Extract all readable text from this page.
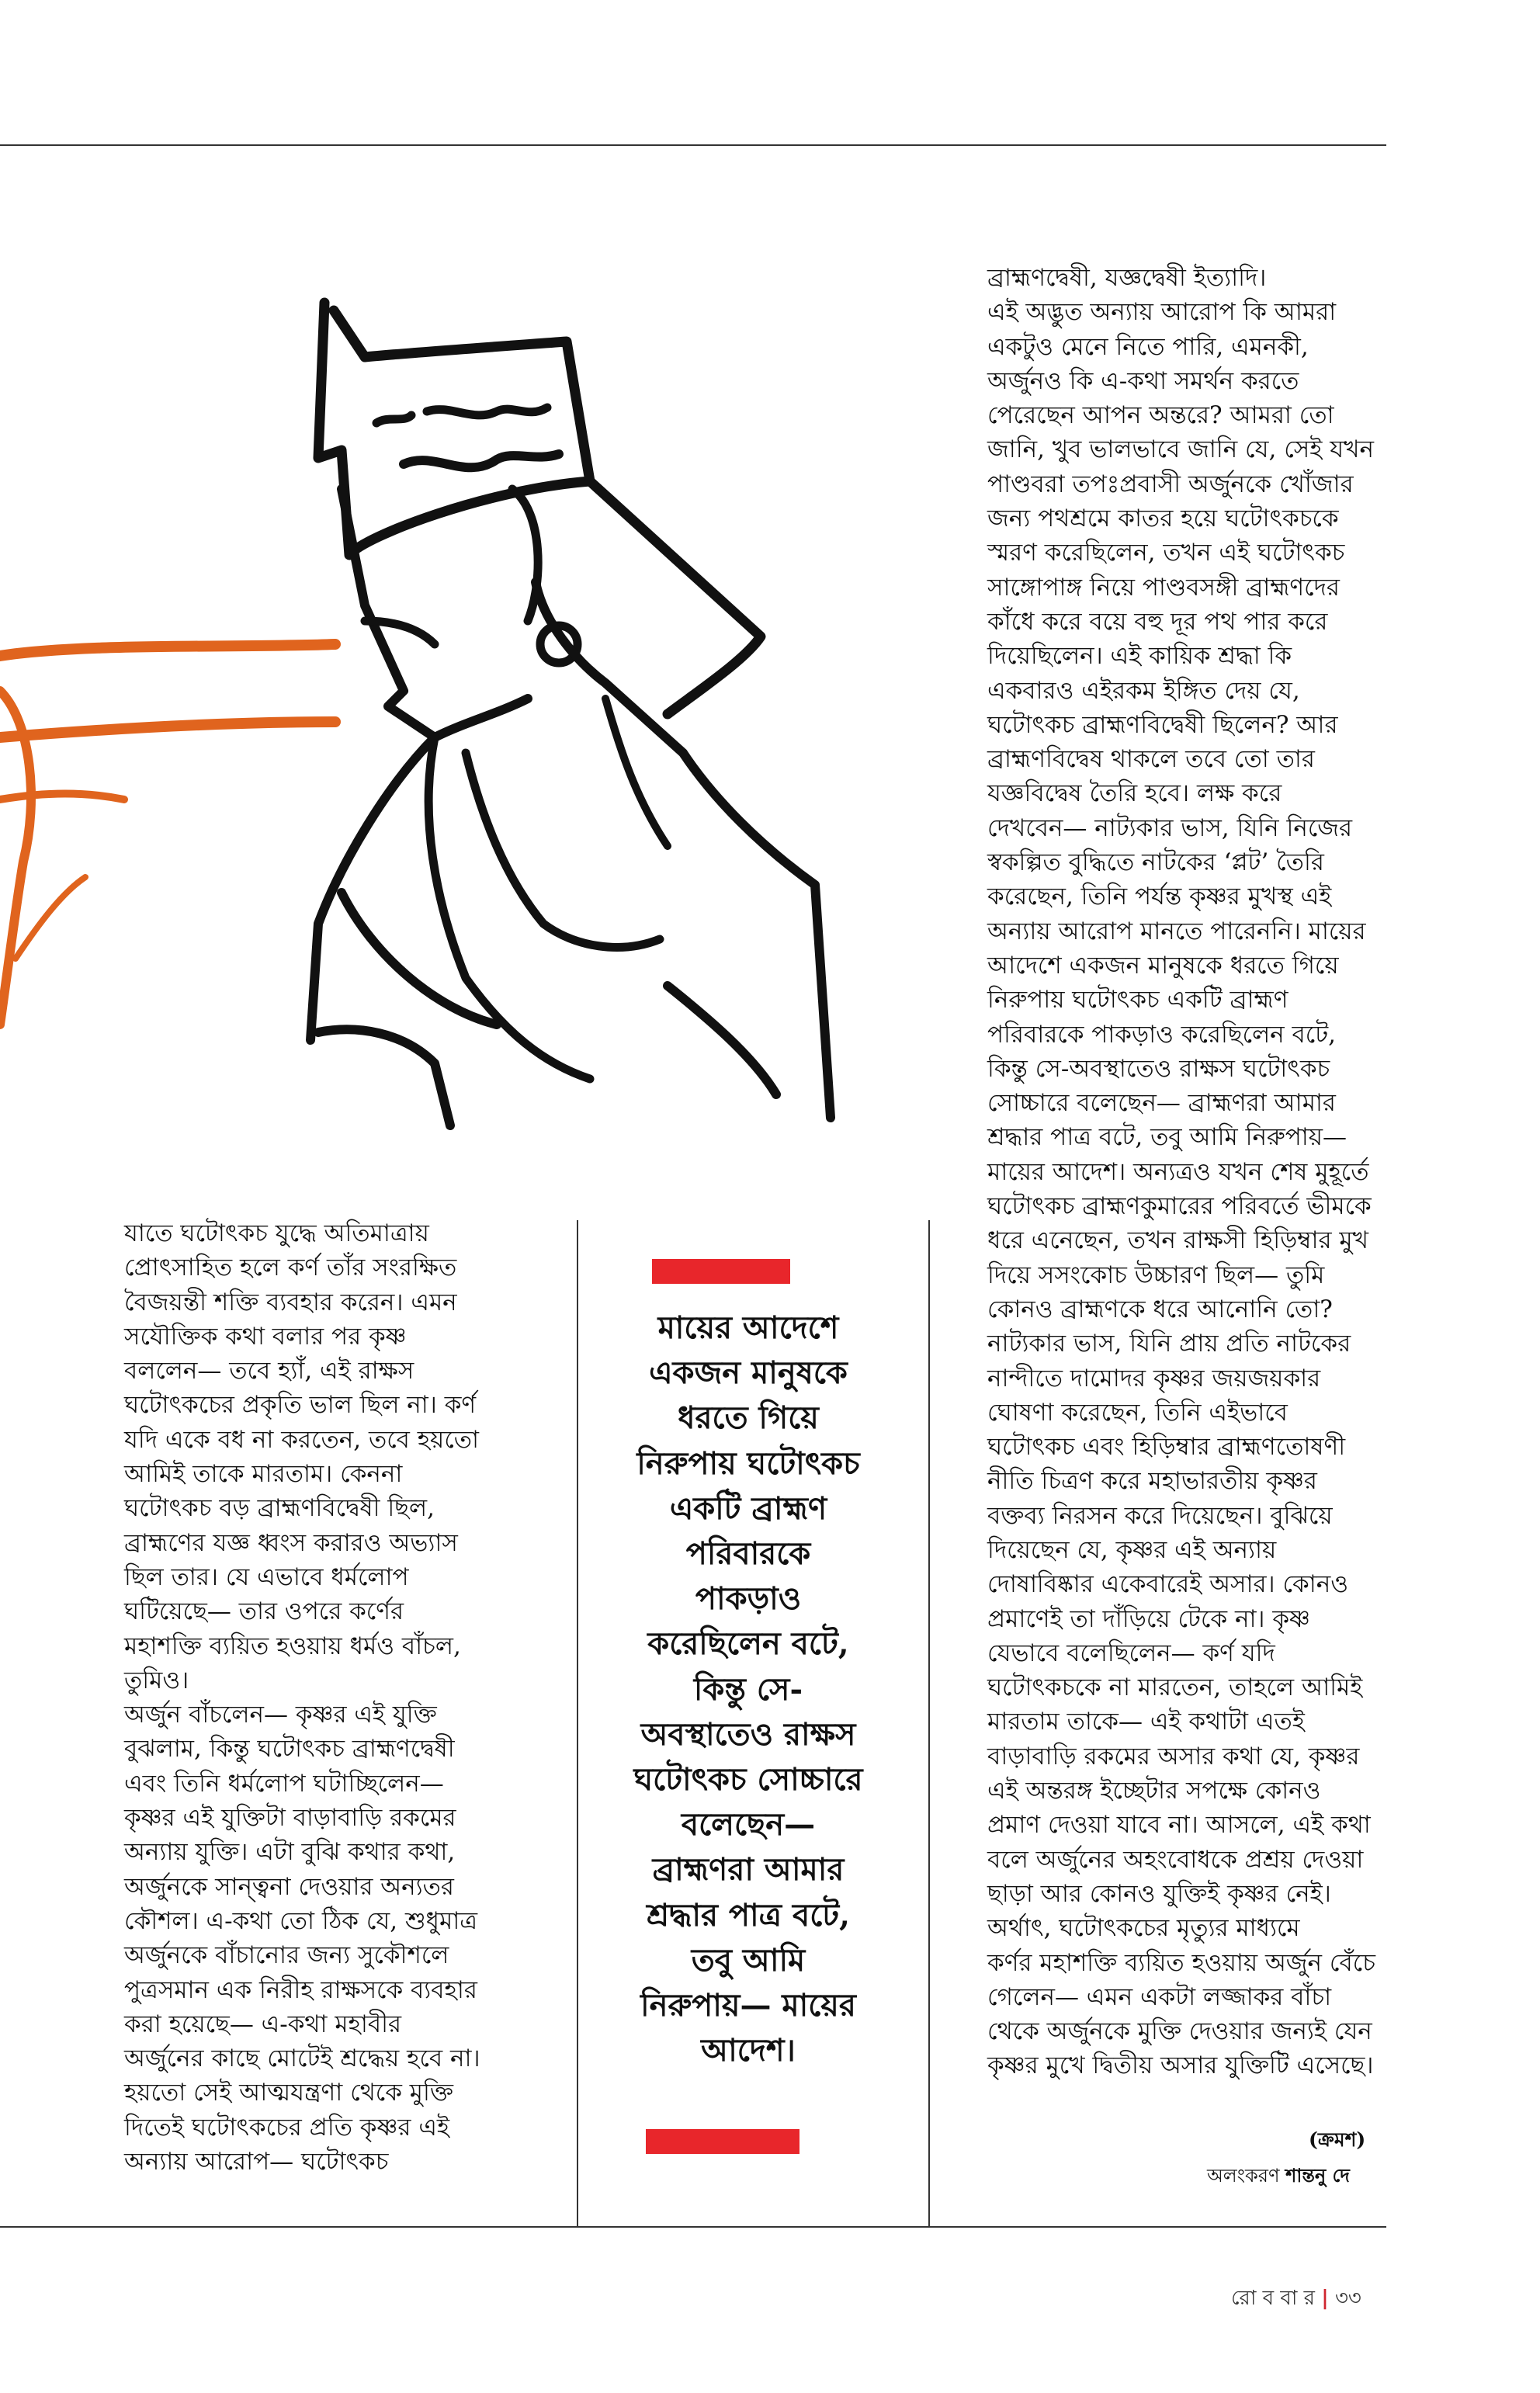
যাতে ঘটোৎকচ যুদ্ধে অতিমাত্রায়
প্রোৎসাহিত হলে কর্ণ তাঁর সংরক্ষিত
বৈজয়ন্তী শক্তি ব্যবহার করেন। এমন
সযৌক্তিক কথা বলার পর কৃষ্ণ
বললেন— তবে হ্যাঁ, এই রাক্ষস
ঘটোৎকচের প্রকৃতি ভাল ছিল না। কর্ণ
যদি একে বধ না করতেন, তবে হয়তো
আমিই তাকে মারতাম। কেননা
ঘটোৎকচ বড় ব্রাহ্মণবিদ্বেষী ছিল,
ব্রাহ্মণের যজ্ঞ ধ্বংস করারও অভ্যাস
ছিল তার। যে এভাবে ধর্মলোপ
ঘটিয়েছে— তার ওপরে কর্ণের
মহাশক্তি ব্যয়িত হওয়ায় ধর্মও বাঁচল,
তুমিও।
অর্জুন বাঁচলেন— কৃষ্ণর এই যুক্তি
বুঝলাম, কিন্তু ঘটোৎকচ ব্রাহ্মণদ্বেষী
এবং তিনি ধর্মলোপ ঘটাচ্ছিলেন—
কৃষ্ণর এই যুক্তিটা বাড়াবাড়ি রকমের
অন্যায় যুক্তি। এটা বুঝি কথার কথা,
অর্জুনকে সান্ত্বনা দেওয়ার অন্যতর
কৌশল। এ-কথা তো ঠিক যে, শুধুমাত্র
অর্জুনকে বাঁচানোর জন্য সুকৌশলে
পুত্রসমান এক নিরীহ রাক্ষসকে ব্যবহার
করা হয়েছে— এ-কথা মহাবীর
অর্জুনের কাছে মোটেই শ্রদ্ধেয় হবে না।
হয়তো সেই আত্মযন্ত্রণা থেকে মুক্তি
দিতেই ঘটোৎকচের প্রতি কৃষ্ণর এই
অন্যায় আরোপ— ঘটোৎকচ

মায়ের আদেশে
একজন মানুষকে
ধরতে গিয়ে
নিরুপায় ঘটোৎকচ
একটি ব্রাহ্মণ
পরিবারকে
পাকড়াও
করেছিলেন বটে,
কিন্তু সে-
অবস্থাতেও রাক্ষস
ঘটোৎকচ সোচ্চারে
বলেছেন—
ব্রাহ্মণরা আমার
শ্রদ্ধার পাত্র বটে,
তবু আমি
নিরুপায়— মায়ের
আদেশ।

ব্রাহ্মণদ্বেষী, যজ্ঞদ্বেষী ইত্যাদি।
এই অদ্ভুত অন্যায় আরোপ কি আমরা
একটুও মেনে নিতে পারি, এমনকী,
অর্জুনও কি এ-কথা সমর্থন করতে
পেরেছেন আপন অন্তরে? আমরা তো
জানি, খুব ভালভাবে জানি যে, সেই যখন
পাণ্ডবরা তপঃপ্রবাসী অর্জুনকে খোঁজার
জন্য পথশ্রমে কাতর হয়ে ঘটোৎকচকে
স্মরণ করেছিলেন, তখন এই ঘটোৎকচ
সাঙ্গোপাঙ্গ নিয়ে পাণ্ডবসঙ্গী ব্রাহ্মণদের
কাঁধে করে বয়ে বহু দূর পথ পার করে
দিয়েছিলেন। এই কায়িক শ্রদ্ধা কি
একবারও এইরকম ইঙ্গিত দেয় যে,
ঘটোৎকচ ব্রাহ্মণবিদ্বেষী ছিলেন? আর
ব্রাহ্মণবিদ্বেষ থাকলে তবে তো তার
যজ্ঞবিদ্বেষ তৈরি হবে। লক্ষ করে
দেখবেন— নাট্যকার ভাস, যিনি নিজের
স্বকল্পিত বুদ্ধিতে নাটকের ‘প্লট’ তৈরি
করেছেন, তিনি পর্যন্ত কৃষ্ণর মুখস্থ এই
অন্যায় আরোপ মানতে পারেননি। মায়ের
আদেশে একজন মানুষকে ধরতে গিয়ে
নিরুপায় ঘটোৎকচ একটি ব্রাহ্মণ
পরিবারকে পাকড়াও করেছিলেন বটে,
কিন্তু সে-অবস্থাতেও রাক্ষস ঘটোৎকচ
সোচ্চারে বলেছেন— ব্রাহ্মণরা আমার
শ্রদ্ধার পাত্র বটে, তবু আমি নিরুপায়—
মায়ের আদেশ। অন্যত্রও যখন শেষ মুহূর্তে
ঘটোৎকচ ব্রাহ্মণকুমারের পরিবর্তে ভীমকে
ধরে এনেছেন, তখন রাক্ষসী হিড়িম্বার মুখ
দিয়ে সসংকোচ উচ্চারণ ছিল— তুমি
কোনও ব্রাহ্মণকে ধরে আনোনি তো?
নাট্যকার ভাস, যিনি প্রায় প্রতি নাটকের
নান্দীতে দামোদর কৃষ্ণর জয়জয়কার
ঘোষণা করেছেন, তিনি এইভাবে
ঘটোৎকচ এবং হিড়িম্বার ব্রাহ্মণতোষণী
নীতি চিত্রণ করে মহাভারতীয় কৃষ্ণর
বক্তব্য নিরসন করে দিয়েছেন। বুঝিয়ে
দিয়েছেন যে, কৃষ্ণর এই অন্যায়
দোষাবিষ্কার একেবারেই অসার। কোনও
প্রমাণেই তা দাঁড়িয়ে টেকে না। কৃষ্ণ
যেভাবে বলেছিলেন— কর্ণ যদি
ঘটোৎকচকে না মারতেন, তাহলে আমিই
মারতাম তাকে— এই কথাটা এতই
বাড়াবাড়ি রকমের অসার কথা যে, কৃষ্ণর
এই অন্তরঙ্গ ইচ্ছেটার সপক্ষে কোনও
প্রমাণ দেওয়া যাবে না। আসলে, এই কথা
বলে অর্জুনের অহংবোধকে প্রশ্রয় দেওয়া
ছাড়া আর কোনও যুক্তিই কৃষ্ণর নেই।
অর্থাৎ, ঘটোৎকচের মৃত্যুর মাধ্যমে
কর্ণর মহাশক্তি ব্যয়িত হওয়ায় অর্জুন বেঁচে
গেলেন— এমন একটা লজ্জাকর বাঁচা
থেকে অর্জুনকে মুক্তি দেওয়ার জন্যই যেন
কৃষ্ণর মুখে দ্বিতীয় অসার যুক্তিটি এসেছে।

(ক্রমশ)
অলংকরণ শান্তনু দে
রো ব বা র | ৩৩
